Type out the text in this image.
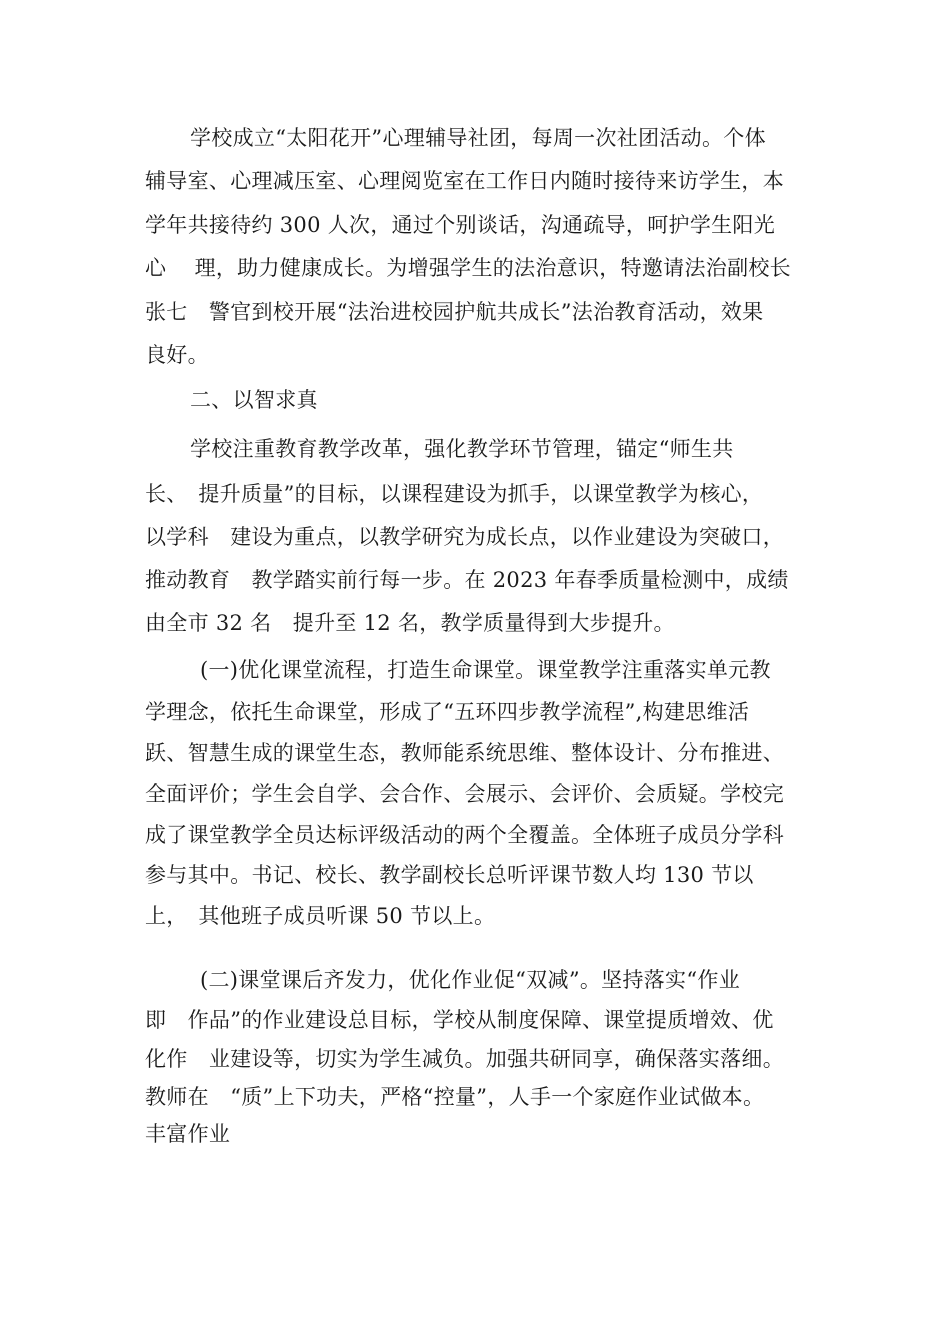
学校成立“太阳花开”心理辅导社团，每周一次社团活动。个体

辅导室、心理减压室、心理阅览室在工作日内随时接待来访学生，本

学年共接待约 300 人次，通过个别谈话，沟通疏导，呵护学生阳光

心　 理，助力健康成长。为增强学生的法治意识，特邀请法治副校长

张七　警官到校开展“法治进校园护航共成长”法治教育活动，效果

良好。

二、以智求真

学校注重教育教学改革，强化教学环节管理，锚定“师生共

长、　提升质量”的目标，以课程建设为抓手，以课堂教学为核心，

以学科　建设为重点，以教学研究为成长点，以作业建设为突破口，

推动教育　教学踏实前行每一步。在 2023 年春季质量检测中，成绩

由全市 32 名　提升至 12 名，教学质量得到大步提升。

(一)优化课堂流程，打造生命课堂。课堂教学注重落实单元教

学理念，依托生命课堂，形成了“五环四步教学流程”,构建思维活

跃、智慧生成的课堂生态，教师能系统思维、整体设计、分布推进、

全面评价；学生会自学、会合作、会展示、会评价、会质疑。学校完

成了课堂教学全员达标评级活动的两个全覆盖。全体班子成员分学科

参与其中。书记、校长、教学副校长总听评课节数人均 130 节以

上，　其他班子成员听课 50 节以上。

(二)课堂课后齐发力，优化作业促“双减”。坚持落实“作业

即　作品”的作业建设总目标，学校从制度保障、课堂提质增效、优

化作　业建设等，切实为学生减负。加强共研同享，确保落实落细。

教师在　“质”上下功夫，严格“控量”，人手一个家庭作业试做本。

丰富作业
